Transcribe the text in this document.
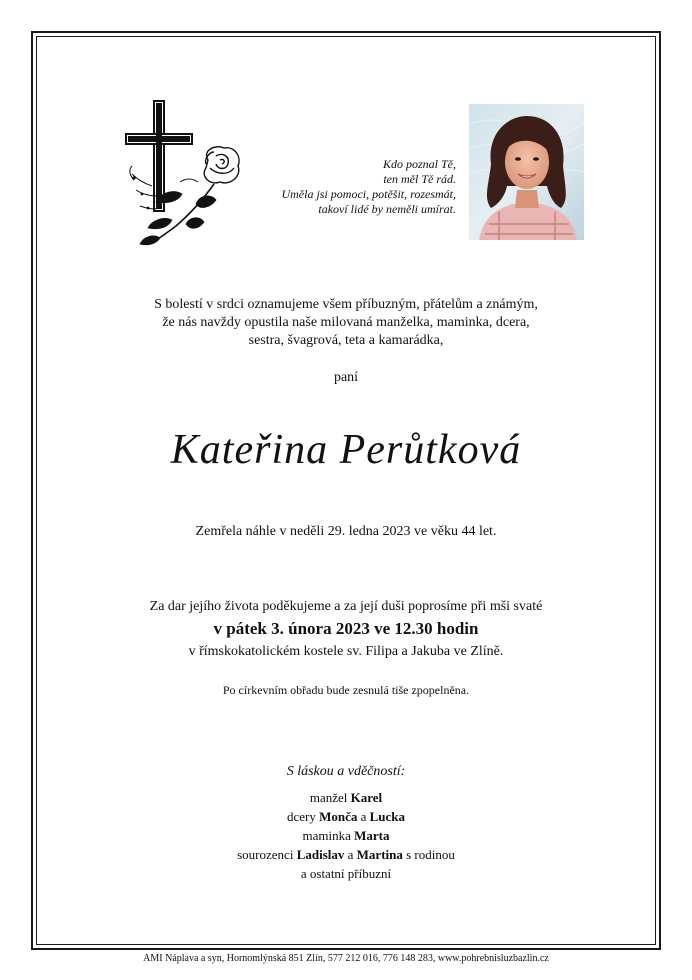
Kdo poznal Tě,
ten měl Tě rád.
Uměla jsi pomoci, potěšit, rozesmát,
takoví lidé by neměli umírat.
S bolestí v srdci oznamujeme všem příbuzným, přátelům a známým,
že nás navždy opustila naše milovaná manželka, maminka, dcera,
sestra, švagrová, teta a kamarádka,
paní
Kateřina Perůtková
Zemřela náhle v neděli 29. ledna 2023 ve věku 44 let.
Za dar jejího života poděkujeme a za její duši poprosíme při mši svaté
v pátek 3. února 2023 ve 12.30 hodin
v římskokatolickém kostele sv. Filipa a Jakuba ve Zlíně.
Po církevním obřadu bude zesnulá tiše zpopelněna.
S láskou a vděčností:
manžel Karel
dcery Monča a Lucka
maminka Marta
sourozenci Ladislav a Martina s rodinou
a ostatní příbuzní
AMI Náplava a syn, Hornomlýnská 851 Zlín, 577 212 016, 776 148 283, www.pohrebnisluzbazlin.cz
